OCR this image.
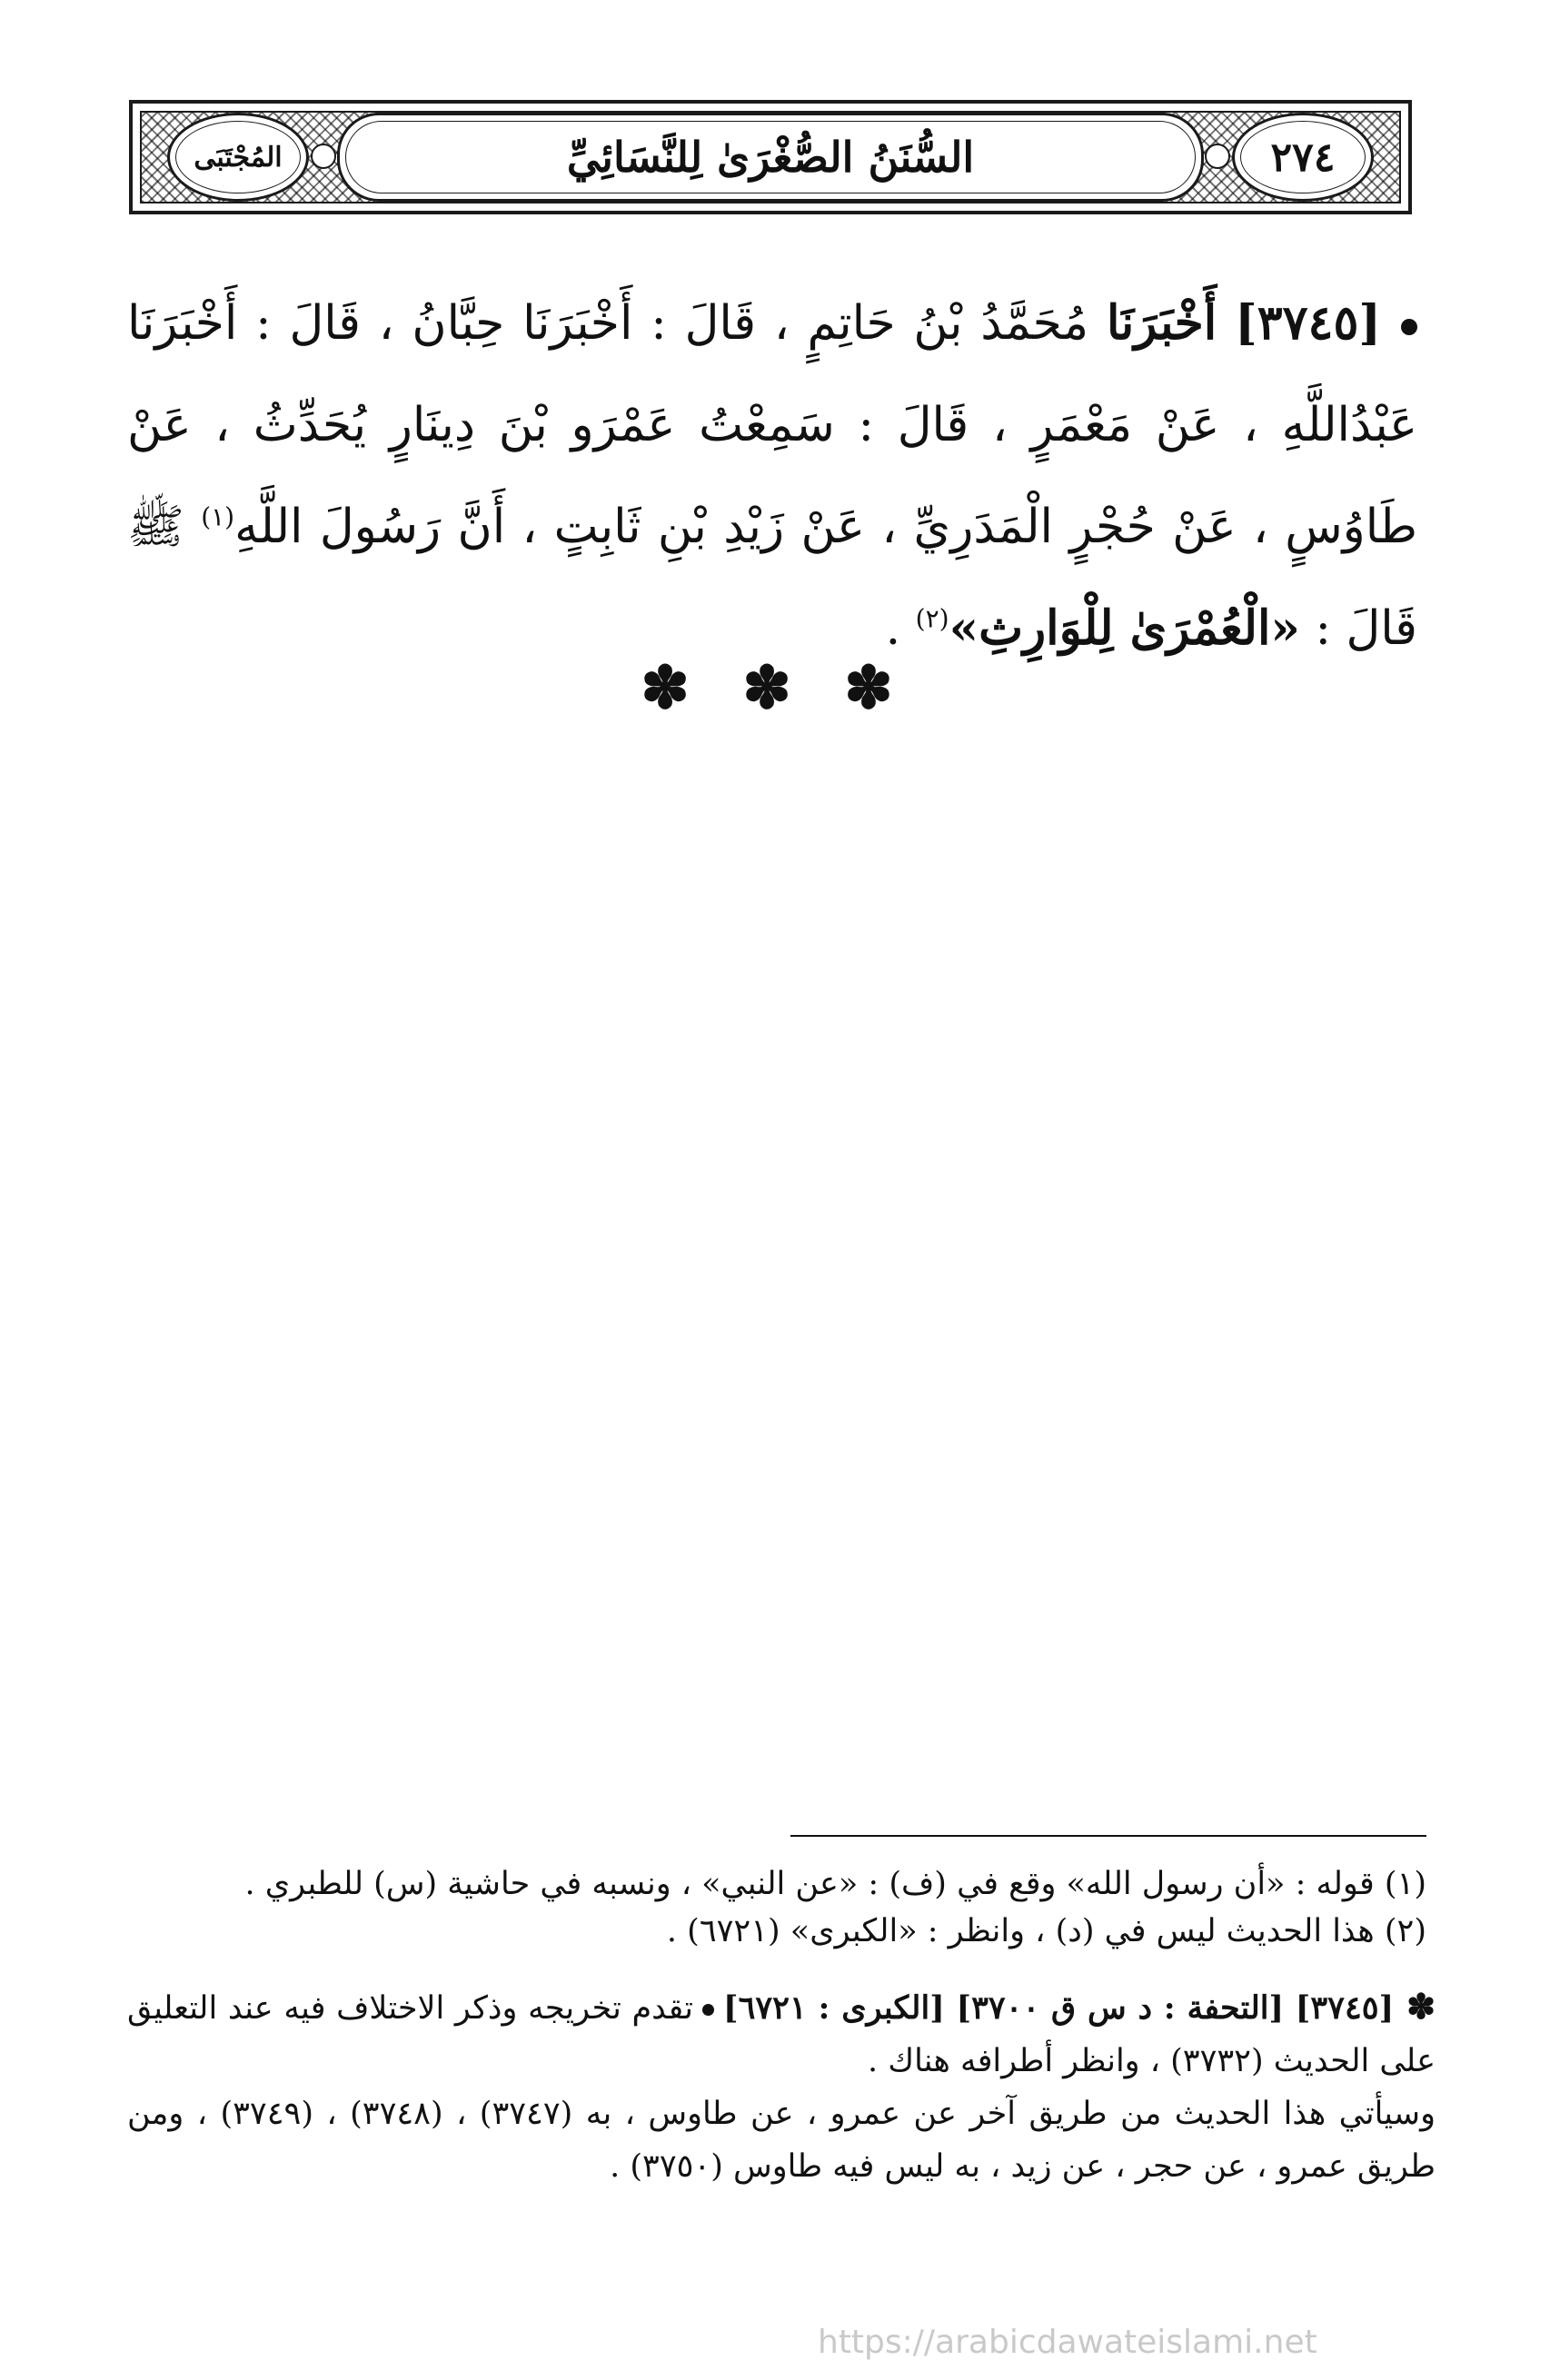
٢٧٤
السُّنَنُ الصُّغْرَىٰ لِلنَّسَائِيِّ
المُجْتَبَى
[٣٧٤٥] أَخْبَرَنَا مُحَمَّدُ بْنُ حَاتِمٍ ، قَالَ : أَخْبَرَنَا حِبَّانُ ، قَالَ : أَخْبَرَنَا عَبْدُاللَّهِ ، عَنْ مَعْمَرٍ ، قَالَ : سَمِعْتُ عَمْرَو بْنَ دِينَارٍ يُحَدِّثُ ، عَنْ طَاوُسٍ ، عَنْ حُجْرٍ الْمَدَرِيِّ ، عَنْ زَيْدِ بْنِ ثَابِتٍ ، أَنَّ رَسُولَ اللَّهِ$^{(١)}$ ﷺ قَالَ : «الْعُمْرَىٰ لِلْوَارِثِ»$^{(٢)}$ .
✽ ✽ ✽
(١) قوله : «أن رسول الله» وقع في (ف) : «عن النبي» ، ونسبه في حاشية (س) للطبري .
(٢) هذا الحديث ليس في (د) ، وانظر : «الكبرى» (٦٧٢١) .

✽[٣٧٤٥] [التحفة : د س ق ٣٧٠٠] [الكبرى : ٦٧٢١]تقدم تخريجه وذكر الاختلاف فيه عند التعليق على الحديث (٣٧٣٢) ، وانظر أطرافه هناك .

وسيأتي هذا الحديث من طريق آخر عن عمرو ، عن طاوس ، به (٣٧٤٧) ، (٣٧٤٨) ، (٣٧٤٩) ، ومن طريق عمرو ، عن حجر ، عن زيد ، به ليس فيه طاوس (٣٧٥٠) .

https://arabicdawateislami.net
